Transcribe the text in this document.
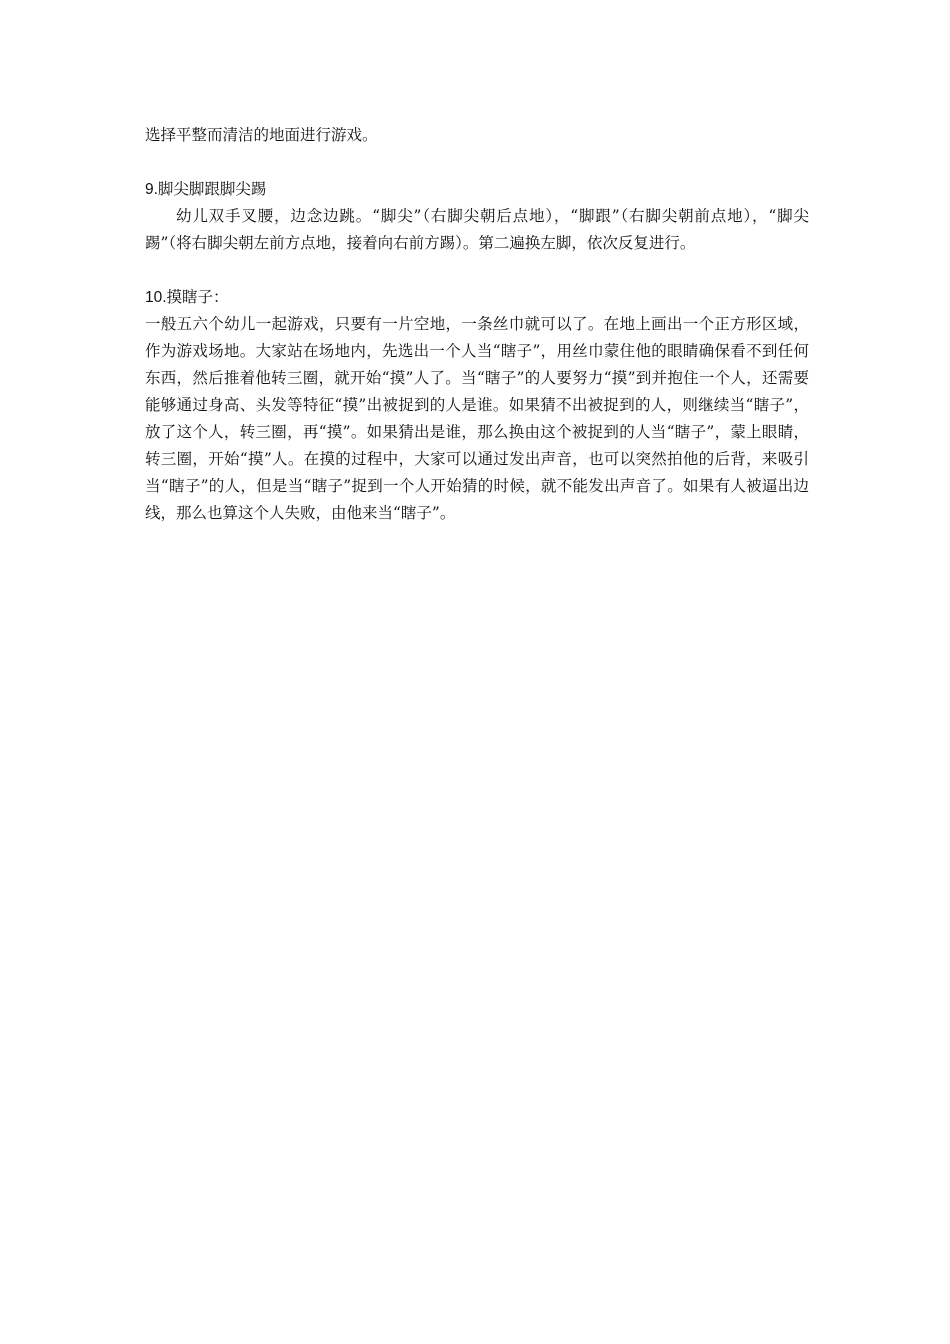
选择平整而清洁的地面进行游戏。

9.脚尖脚跟脚尖踢

幼儿双手叉腰，边念边跳。“脚尖”（右脚尖朝后点地），“脚跟”（右脚尖朝前点地），“脚尖踢”（将右脚尖朝左前方点地，接着向右前方踢）。第二遍换左脚，依次反复进行。

10.摸瞎子：

一般五六个幼儿一起游戏，只要有一片空地，一条丝巾就可以了。在地上画出一个正方形区域，作为游戏场地。大家站在场地内，先选出一个人当“瞎子”，用丝巾蒙住他的眼睛确保看不到任何东西，然后推着他转三圈，就开始“摸”人了。当“瞎子”的人要努力“摸”到并抱住一个人，还需要能够通过身高、头发等特征“摸”出被捉到的人是谁。如果猜不出被捉到的人，则继续当“瞎子”，放了这个人，转三圈，再“摸”。如果猜出是谁，那么换由这个被捉到的人当“瞎子”，蒙上眼睛，转三圈，开始“摸”人。在摸的过程中，大家可以通过发出声音，也可以突然拍他的后背，来吸引当“瞎子”的人，但是当“瞎子”捉到一个人开始猜的时候，就不能发出声音了。如果有人被逼出边线，那么也算这个人失败，由他来当“瞎子”。
